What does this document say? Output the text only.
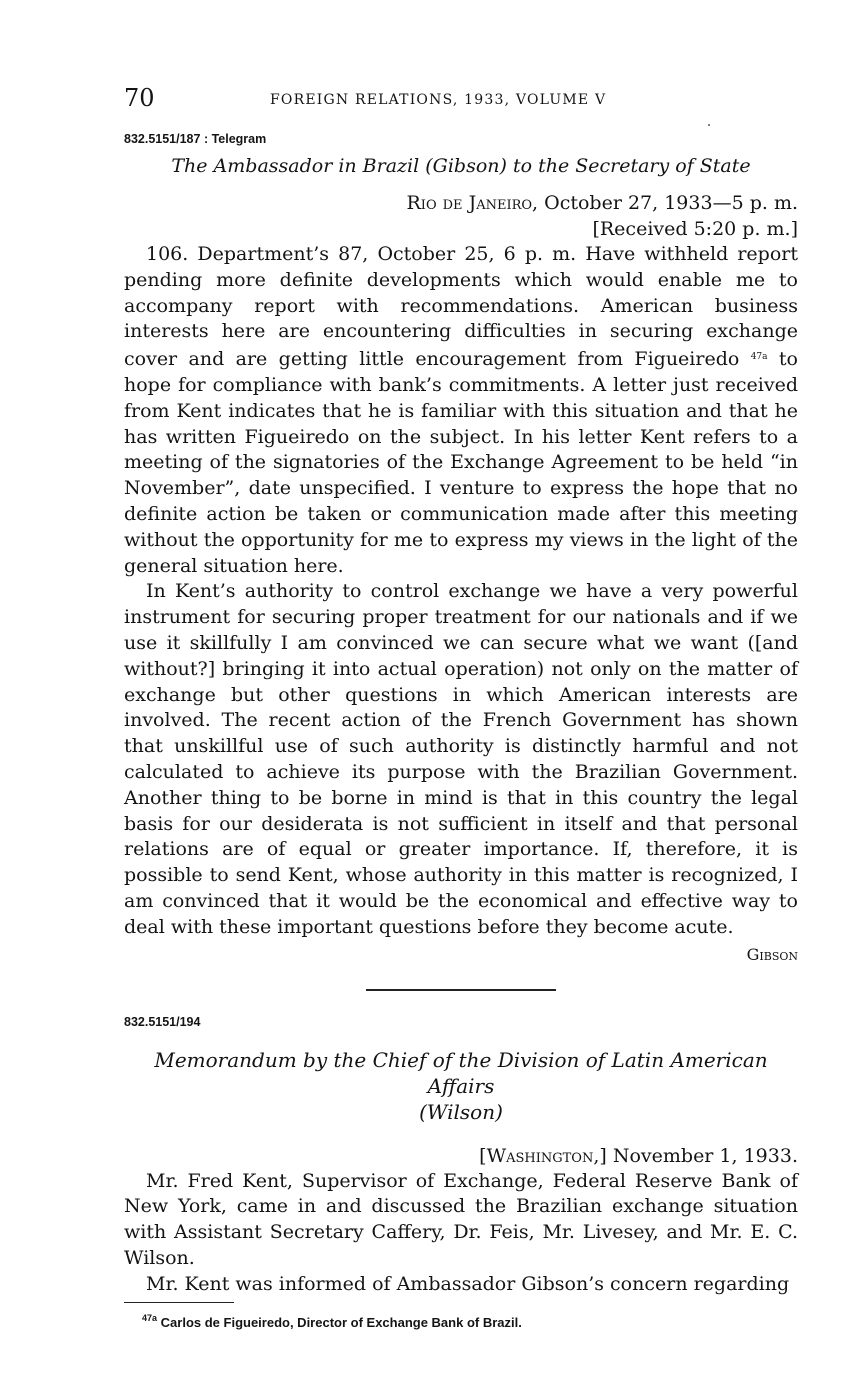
70	FOREIGN RELATIONS, 1933, VOLUME V
832.5151/187 : Telegram
The Ambassador in Brazil (Gibson) to the Secretary of State
Rio de Janeiro, October 27, 1933—5 p. m.
[Received 5:20 p. m.]

106. Department’s 87, October 25, 6 p. m. Have withheld report pending more definite developments which would enable me to accompany report with recommendations. American business interests here are encountering difficulties in securing exchange cover and are getting little encouragement from Figueiredo $^{47a}$ to hope for compliance with bank’s commitments. A letter just received from Kent indicates that he is familiar with this situation and that he has written Figueiredo on the subject. In his letter Kent refers to a meeting of the signatories of the Exchange Agreement to be held “in November”, date unspecified. I venture to express the hope that no definite action be taken or communication made after this meeting without the opportunity for me to express my views in the light of the general situation here.

In Kent’s authority to control exchange we have a very powerful instrument for securing proper treatment for our nationals and if we use it skillfully I am convinced we can secure what we want ([and without?] bringing it into actual operation) not only on the matter of exchange but other questions in which American interests are involved. The recent action of the French Government has shown that unskillful use of such authority is distinctly harmful and not calculated to achieve its purpose with the Brazilian Government. Another thing to be borne in mind is that in this country the legal basis for our desiderata is not sufficient in itself and that personal relations are of equal or greater importance. If, therefore, it is possible to send Kent, whose authority in this matter is recognized, I am convinced that it would be the economical and effective way to deal with these important questions before they become acute.

Gibson
832.5151/194
Memorandum by the Chief of the Division of Latin American Affairs
(Wilson)
[Washington,] November 1, 1933.

Mr. Fred Kent, Supervisor of Exchange, Federal Reserve Bank of New York, came in and discussed the Brazilian exchange situation with Assistant Secretary Caffery, Dr. Feis, Mr. Livesey, and Mr. E. C. Wilson.

Mr. Kent was informed of Ambassador Gibson’s concern regarding

$^{47a}$ Carlos de Figueiredo, Director of Exchange Bank of Brazil.
